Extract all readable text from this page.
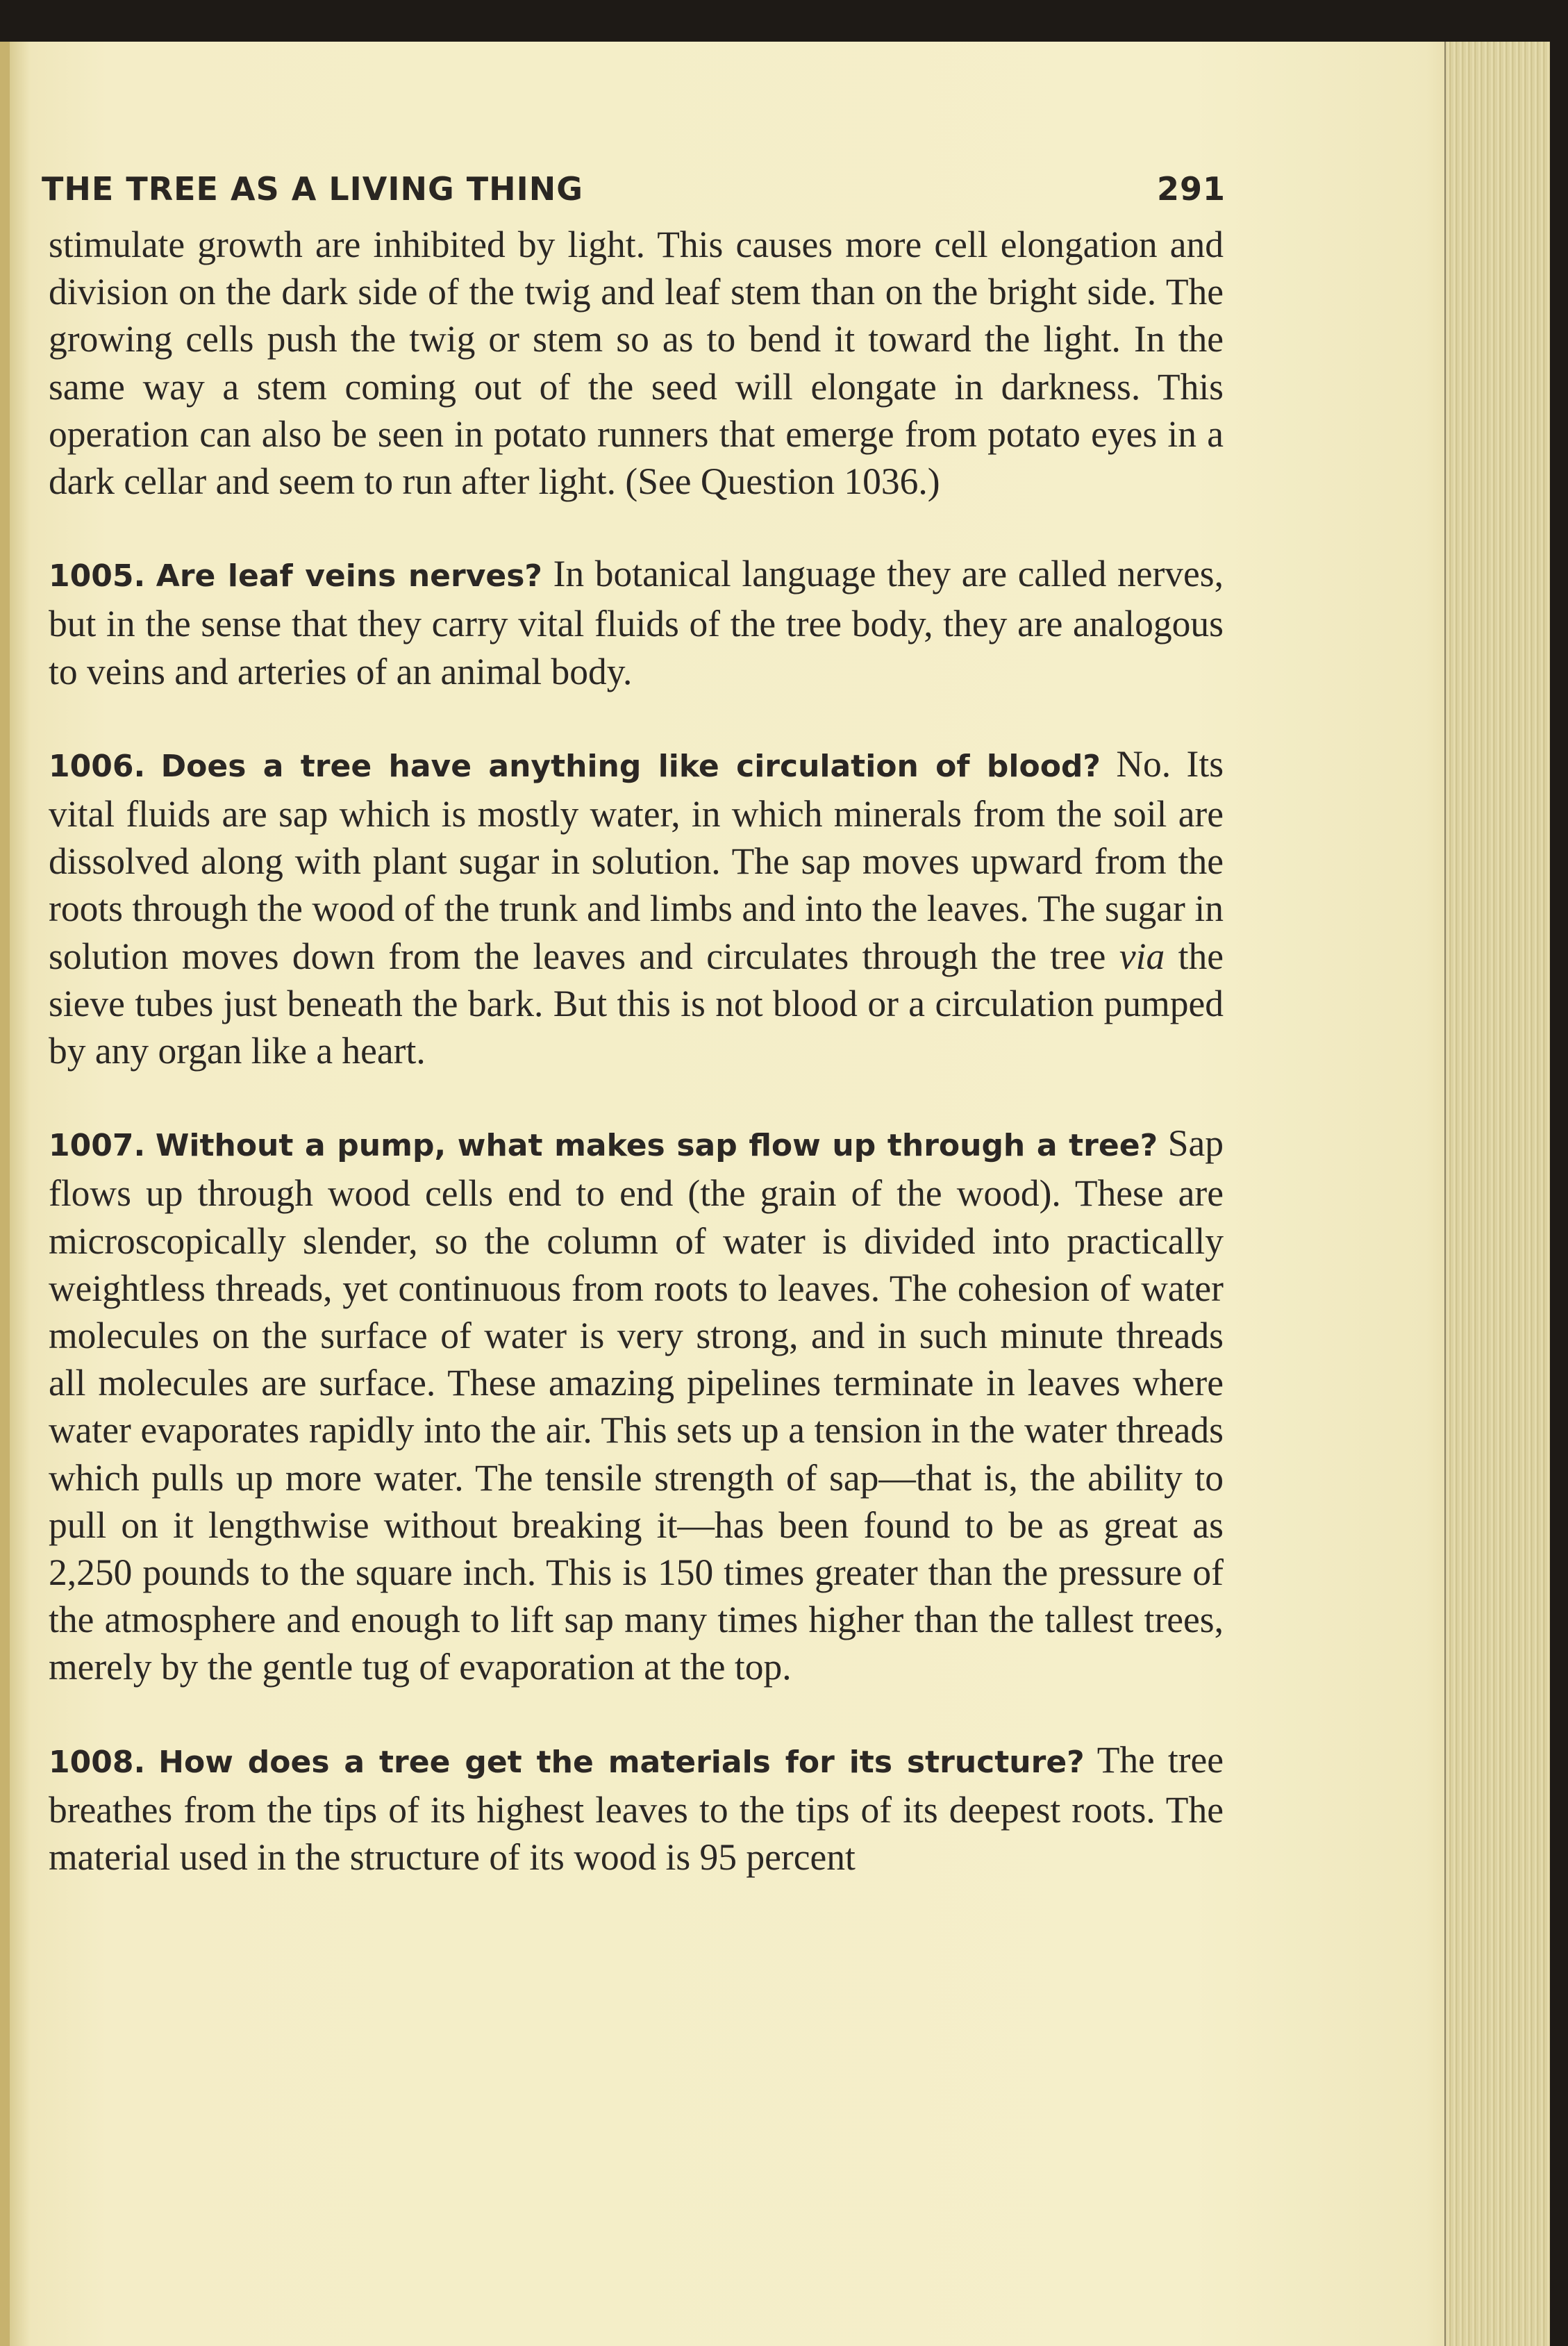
THE TREE AS A LIVING THING	291

stimulate growth are inhibited by light. This causes more cell elongation and division on the dark side of the twig and leaf stem than on the bright side. The growing cells push the twig or stem so as to bend it toward the light. In the same way a stem coming out of the seed will elongate in darkness. This operation can also be seen in potato runners that emerge from potato eyes in a dark cellar and seem to run after light. (See Question 1036.)

1005. Are leaf veins nerves? In botanical language they are called nerves, but in the sense that they carry vital fluids of the tree body, they are analogous to veins and arteries of an animal body.

1006. Does a tree have anything like circulation of blood? No. Its vital fluids are sap which is mostly water, in which minerals from the soil are dissolved along with plant sugar in solution. The sap moves upward from the roots through the wood of the trunk and limbs and into the leaves. The sugar in solution moves down from the leaves and circulates through the tree via the sieve tubes just beneath the bark. But this is not blood or a circulation pumped by any organ like a heart.

1007. Without a pump, what makes sap flow up through a tree? Sap flows up through wood cells end to end (the grain of the wood). These are microscopically slender, so the column of water is divided into practically weightless threads, yet continuous from roots to leaves. The cohesion of water molecules on the surface of water is very strong, and in such minute threads all molecules are surface. These amazing pipelines terminate in leaves where water evaporates rapidly into the air. This sets up a tension in the water threads which pulls up more water. The tensile strength of sap—that is, the ability to pull on it lengthwise without breaking it—has been found to be as great as 2,250 pounds to the square inch. This is 150 times greater than the pressure of the atmosphere and enough to lift sap many times higher than the tallest trees, merely by the gentle tug of evaporation at the top.

1008. How does a tree get the materials for its structure? The tree breathes from the tips of its highest leaves to the tips of its deepest roots. The material used in the structure of its wood is 95 percent
